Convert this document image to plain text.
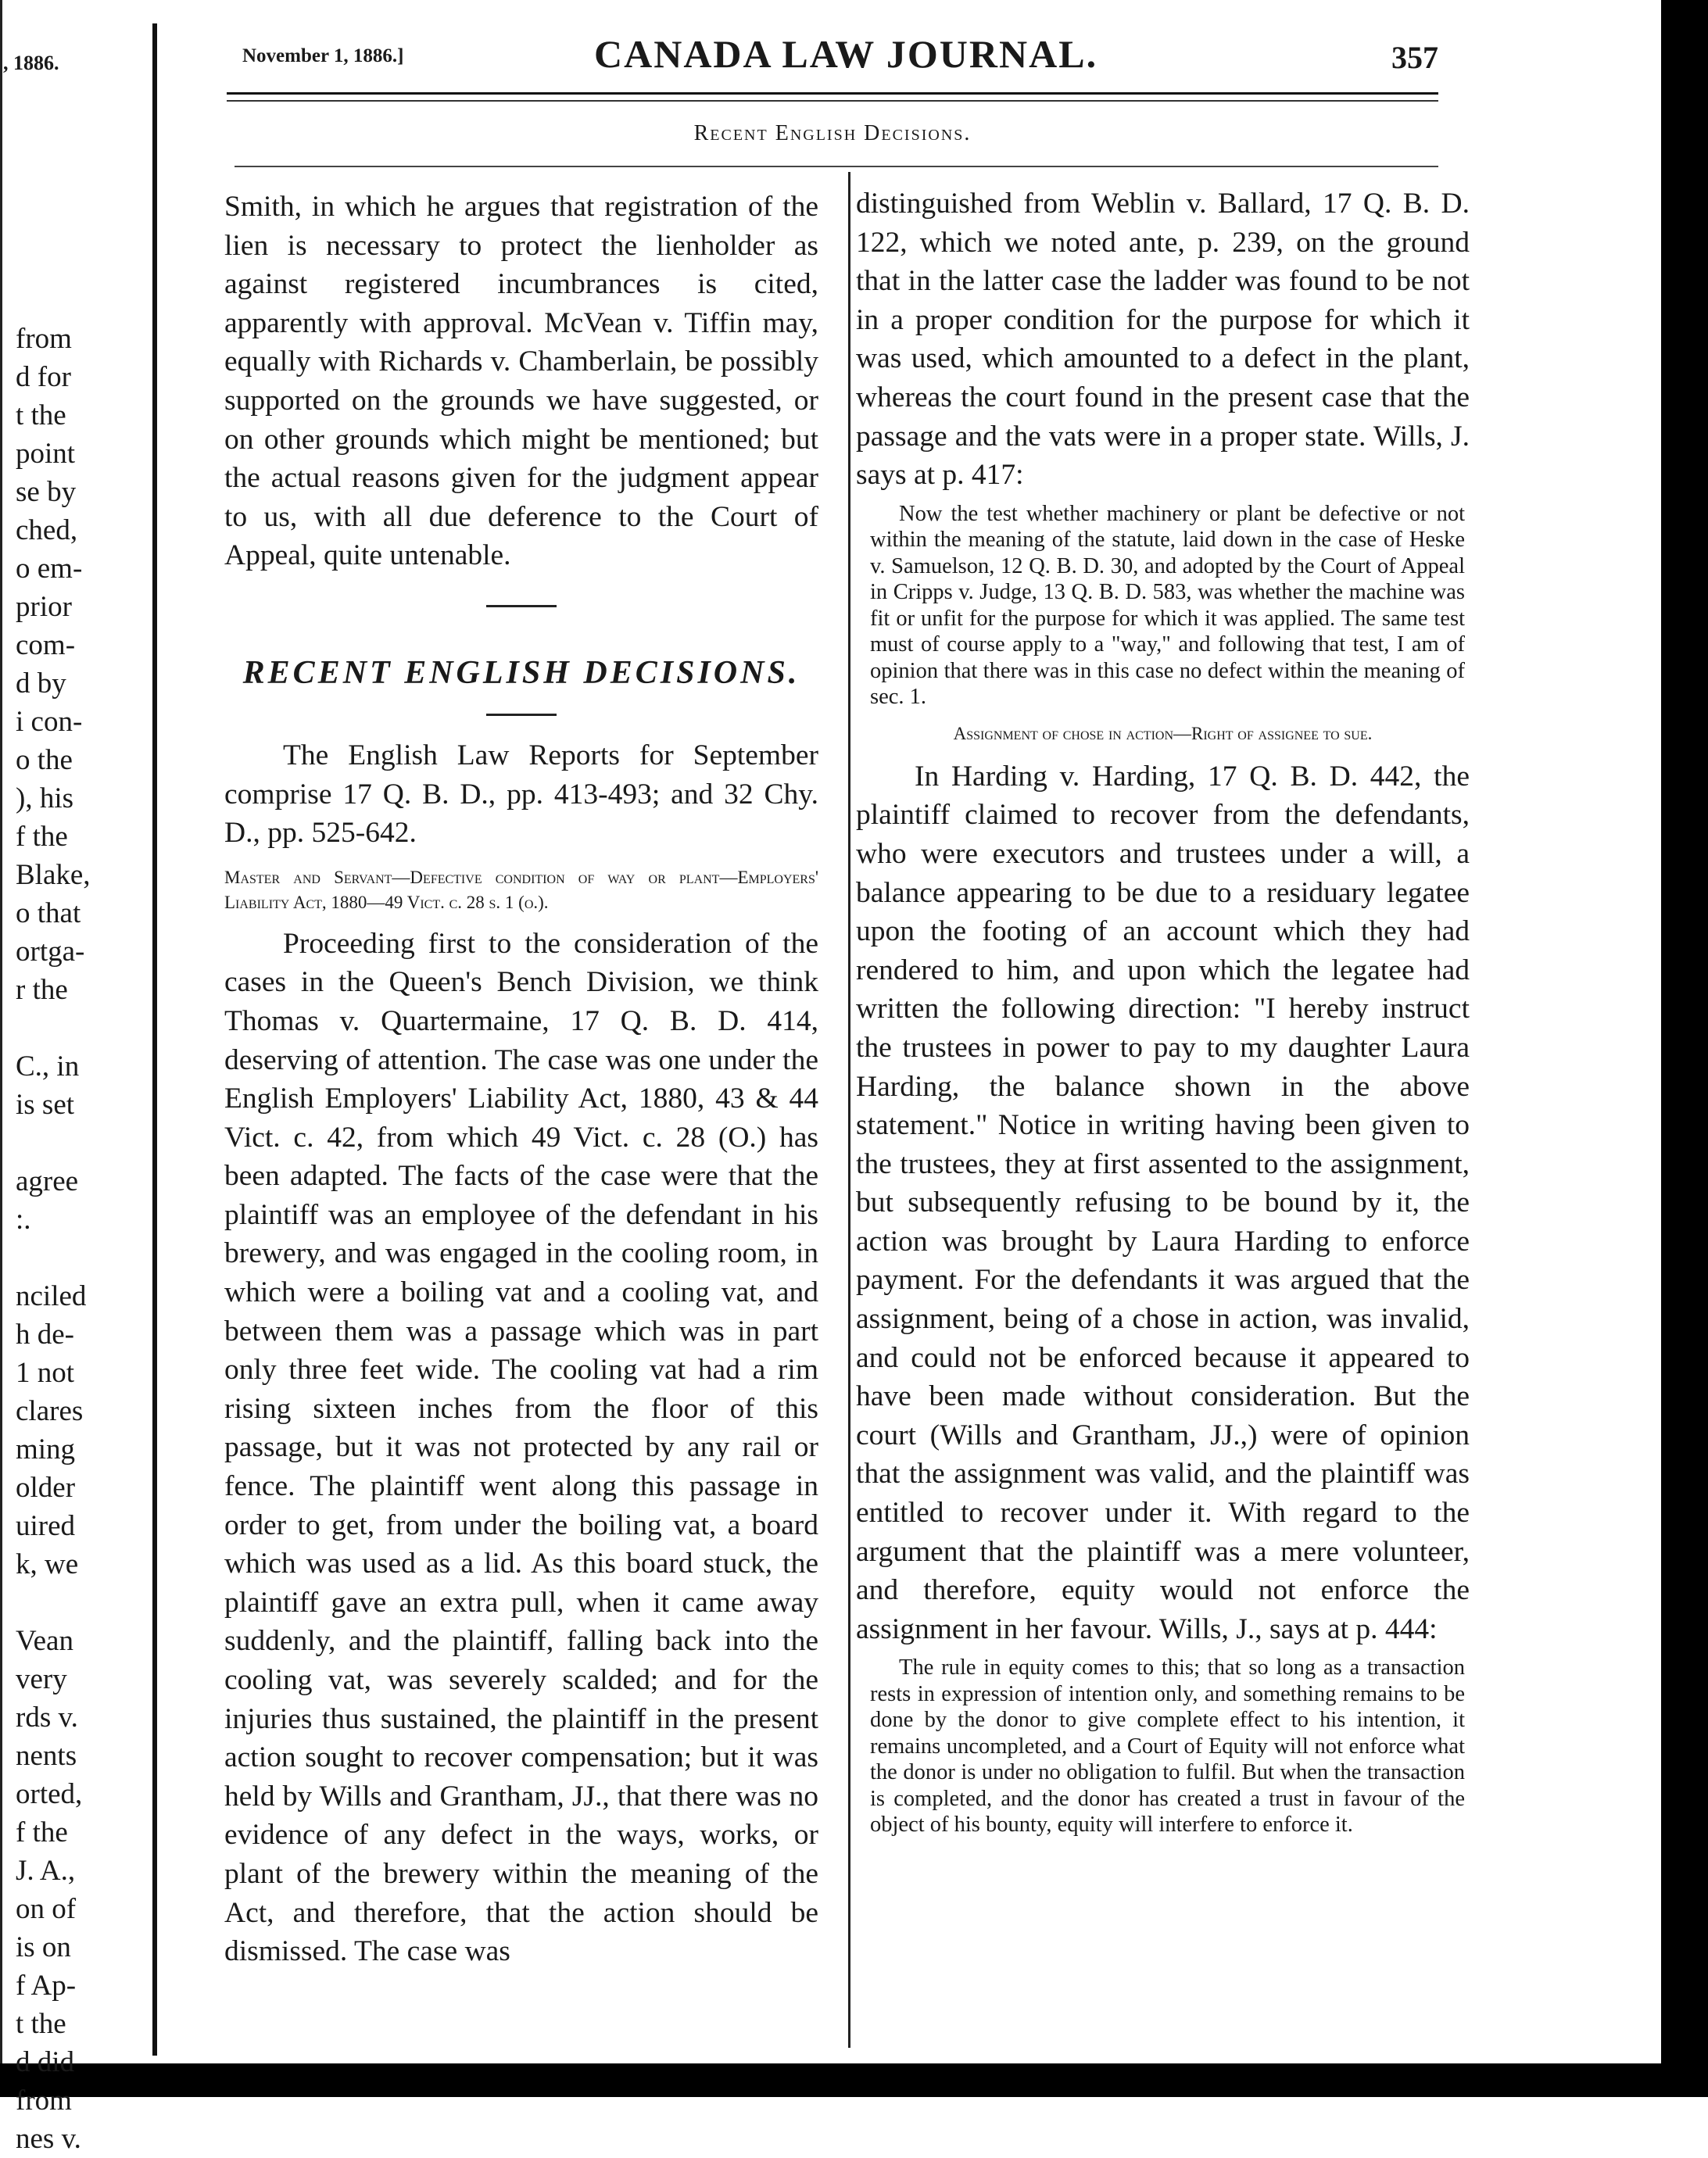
, 1886.
from
d for
t the
point
se by
ched,
o em-
prior
com-
d by
i con-
o the
), his
f the
Blake,
o that
ortga-
r the
C., in
is set
agree
:.
nciled
h de-
1 not
clares
ming
older
uired
k, we
Vean
very
rds v.
nents
orted,
f the
J. A.,
on of
is on
f Ap-
t the
d did
from
nes v.
November 1, 1886.]	CANADA LAW JOURNAL.	357
Recent English Decisions.

Smith, in which he argues that registration of the lien is necessary to protect the lienholder as against registered incumbrances is cited, apparently with approval. McVean v. Tiffin may, equally with Richards v. Chamberlain, be possibly supported on the grounds we have suggested, or on other grounds which might be mentioned; but the actual reasons given for the judgment appear to us, with all due deference to the Court of Appeal, quite untenable.

RECENT ENGLISH DECISIONS.

The English Law Reports for September comprise 17 Q. B. D., pp. 413-493; and 32 Chy. D., pp. 525-642.

Master and Servant—Defective condition of way or plant—Employers' Liability Act, 1880—49 Vict. c. 28 s. 1 (o.).

Proceeding first to the consideration of the cases in the Queen's Bench Division, we think Thomas v. Quartermaine, 17 Q. B. D. 414, deserving of attention. The case was one under the English Employers' Liability Act, 1880, 43 & 44 Vict. c. 42, from which 49 Vict. c. 28 (O.) has been adapted. The facts of the case were that the plaintiff was an employee of the defendant in his brewery, and was engaged in the cooling room, in which were a boiling vat and a cooling vat, and between them was a passage which was in part only three feet wide. The cooling vat had a rim rising sixteen inches from the floor of this passage, but it was not protected by any rail or fence. The plaintiff went along this passage in order to get, from under the boiling vat, a board which was used as a lid. As this board stuck, the plaintiff gave an extra pull, when it came away suddenly, and the plaintiff, falling back into the cooling vat, was severely scalded; and for the injuries thus sustained, the plaintiff in the present action sought to recover compensation; but it was held by Wills and Grantham, JJ., that there was no evidence of any defect in the ways, works, or plant of the brewery within the meaning of the Act, and therefore, that the action should be dismissed. The case was

distinguished from Weblin v. Ballard, 17 Q. B. D. 122, which we noted ante, p. 239, on the ground that in the latter case the ladder was found to be not in a proper condition for the purpose for which it was used, which amounted to a defect in the plant, whereas the court found in the present case that the passage and the vats were in a proper state. Wills, J. says at p. 417:

Now the test whether machinery or plant be defective or not within the meaning of the statute, laid down in the case of Heske v. Samuelson, 12 Q. B. D. 30, and adopted by the Court of Appeal in Cripps v. Judge, 13 Q. B. D. 583, was whether the machine was fit or unfit for the purpose for which it was applied. The same test must of course apply to a "way," and following that test, I am of opinion that there was in this case no defect within the meaning of sec. 1.

Assignment of chose in action—Right of assignee to sue.

In Harding v. Harding, 17 Q. B. D. 442, the plaintiff claimed to recover from the defendants, who were executors and trustees under a will, a balance appearing to be due to a residuary legatee upon the footing of an account which they had rendered to him, and upon which the legatee had written the following direction: "I hereby instruct the trustees in power to pay to my daughter Laura Harding, the balance shown in the above statement." Notice in writing having been given to the trustees, they at first assented to the assignment, but subsequently refusing to be bound by it, the action was brought by Laura Harding to enforce payment. For the defendants it was argued that the assignment, being of a chose in action, was invalid, and could not be enforced because it appeared to have been made without consideration. But the court (Wills and Grantham, JJ.,) were of opinion that the assignment was valid, and the plaintiff was entitled to recover under it. With regard to the argument that the plaintiff was a mere volunteer, and therefore, equity would not enforce the assignment in her favour. Wills, J., says at p. 444:

The rule in equity comes to this; that so long as a transaction rests in expression of intention only, and something remains to be done by the donor to give complete effect to his intention, it remains uncompleted, and a Court of Equity will not enforce what the donor is under no obligation to fulfil. But when the transaction is completed, and the donor has created a trust in favour of the object of his bounty, equity will interfere to enforce it.
